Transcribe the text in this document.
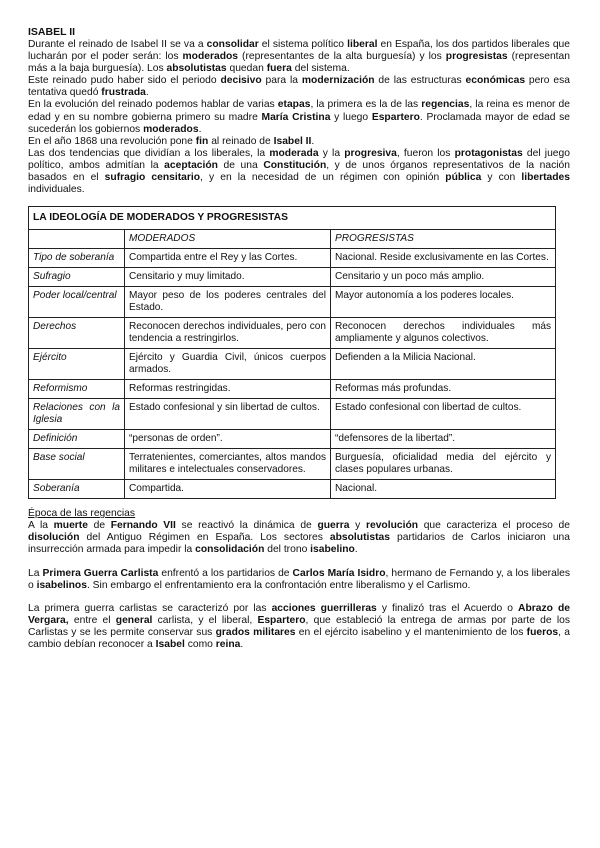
ISABEL II

Durante el reinado de Isabel II se va a consolidar el sistema político liberal en España, los dos partidos liberales que lucharán por el poder serán: los moderados (representantes de la alta burguesía) y los progresistas (representan más a la baja burguesía). Los absolutistas quedan fuera del sistema.

Este reinado pudo haber sido el periodo decisivo para la modernización de las estructuras económicas pero esa tentativa quedó frustrada.

En la evolución del reinado podemos hablar de varias etapas, la primera es la de las regencias, la reina es menor de edad y en su nombre gobierna primero su madre María Cristina y luego Espartero. Proclamada mayor de edad se sucederán los gobiernos moderados.

En el año 1868 una revolución pone fin al reinado de Isabel II.

Las dos tendencias que dividían a los liberales, la moderada y la progresiva, fueron los protagonistas del juego político, ambos admitían la aceptación de una Constitución, y de unos órganos representativos de la nación basados en el sufragio censitario, y en la necesidad de un régimen con opinión pública y con libertades individuales.

LA IDEOLOGÍA DE MODERADOS Y PROGRESISTAS		
	MODERADOS	PROGRESISTAS
Tipo de soberanía	Compartida entre el Rey y las Cortes.	Nacional. Reside exclusivamente en las Cortes.
Sufragio	Censitario y muy limitado.	Censitario y un poco más amplio.
Poder local/central	Mayor peso de los poderes centrales del Estado.	Mayor autonomía a los poderes locales.
Derechos	Reconocen derechos individuales, pero con tendencia a restringirlos.	Reconocen derechos individuales más ampliamente y algunos colectivos.
Ejército	Ejército y Guardia Civil, únicos cuerpos armados.	Defienden a la Milicia Nacional.
Reformismo	Reformas restringidas.	Reformas más profundas.
Relaciones con la Iglesia	Estado confesional y sin libertad de cultos.	Estado confesional con libertad de cultos.
Definición	“personas de orden”.	“defensores de la libertad”.
Base social	Terratenientes, comerciantes, altos mandos militares e intelectuales conservadores.	Burguesía, oficialidad media del ejército y clases populares urbanas.
Soberanía	Compartida.	Nacional.

Época de las regencias

A la muerte de Fernando VII se reactivó la dinámica de guerra y revolución que caracteriza el proceso de disolución del Antiguo Régimen en España. Los sectores absolutistas partidarios de Carlos iniciaron una insurrección armada para impedir la consolidación del trono isabelino.

La Primera Guerra Carlista enfrentó a los partidarios de Carlos María Isidro, hermano de Fernando y, a los liberales o isabelinos. Sin embargo el enfrentamiento era la confrontación entre liberalismo y el Carlismo.

La primera guerra carlistas se caracterizó por las acciones guerrilleras y finalizó tras el Acuerdo o Abrazo de Vergara, entre el general carlista, y el liberal, Espartero, que estableció la entrega de armas por parte de los Carlistas y se les permite conservar sus grados militares en el ejército isabelino y el mantenimiento de los fueros, a cambio debían reconocer a Isabel como reina.
